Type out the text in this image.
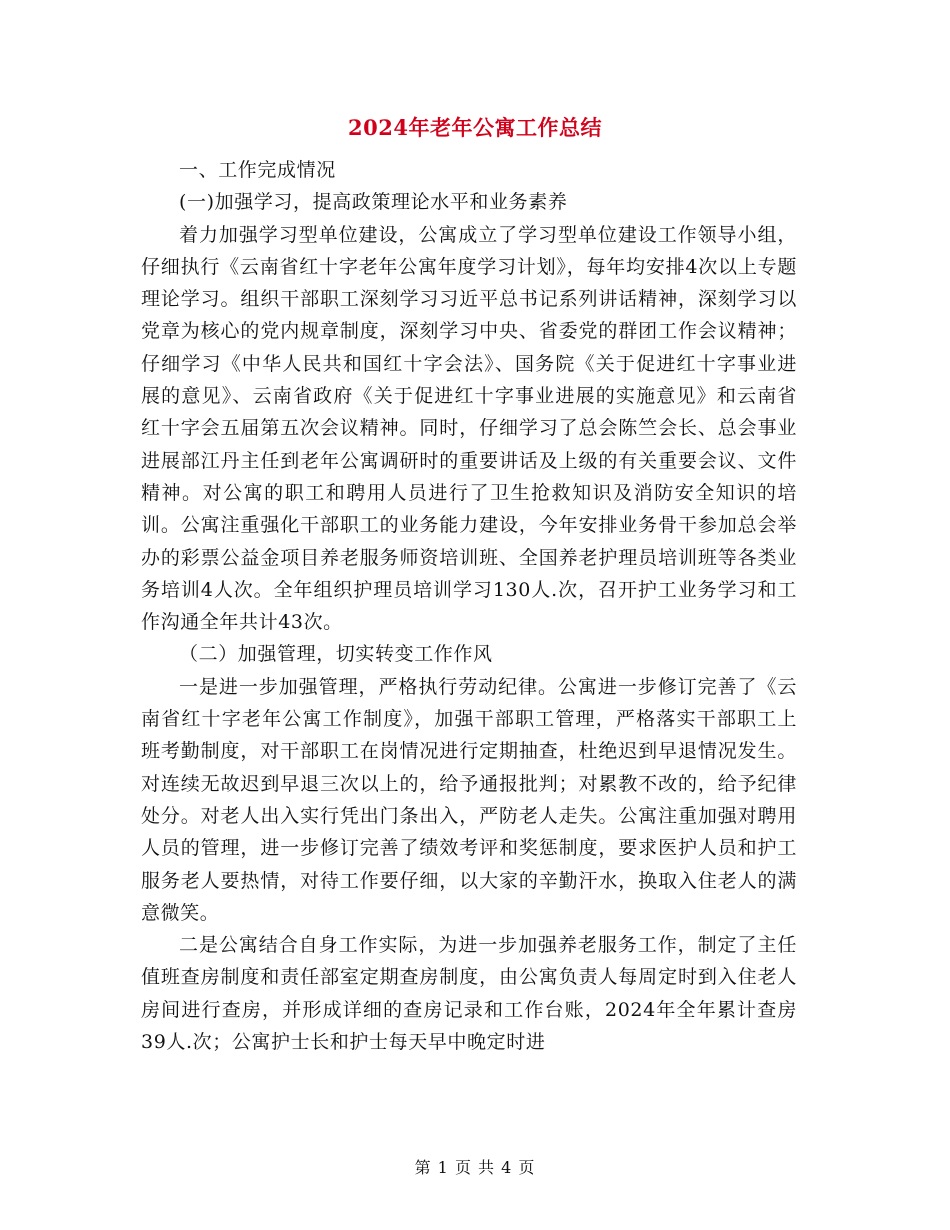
2024年老年公寓工作总结

一、工作完成情况

(一)加强学习，提高政策理论水平和业务素养

着力加强学习型单位建设，公寓成立了学习型单位建设工作领导小组，仔细执行《云南省红十字老年公寓年度学习计划》，每年均安排4次以上专题理论学习。组织干部职工深刻学习习近平总书记系列讲话精神，深刻学习以党章为核心的党内规章制度，深刻学习中央、省委党的群团工作会议精神；仔细学习《中华人民共和国红十字会法》、国务院《关于促进红十字事业进展的意见》、云南省政府《关于促进红十字事业进展的实施意见》和云南省红十字会五届第五次会议精神。同时，仔细学习了总会陈竺会长、总会事业进展部江丹主任到老年公寓调研时的重要讲话及上级的有关重要会议、文件精神。对公寓的职工和聘用人员进行了卫生抢救知识及消防安全知识的培训。公寓注重强化干部职工的业务能力建设，今年安排业务骨干参加总会举办的彩票公益金项目养老服务师资培训班、全国养老护理员培训班等各类业务培训4人次。全年组织护理员培训学习130人.次，召开护工业务学习和工作沟通全年共计43次。

（二）加强管理，切实转变工作作风

一是进一步加强管理，严格执行劳动纪律。公寓进一步修订完善了《云南省红十字老年公寓工作制度》，加强干部职工管理，严格落实干部职工上班考勤制度，对干部职工在岗情况进行定期抽查，杜绝迟到早退情况发生。对连续无故迟到早退三次以上的，给予通报批判；对累教不改的，给予纪律处分。对老人出入实行凭出门条出入，严防老人走失。公寓注重加强对聘用人员的管理，进一步修订完善了绩效考评和奖惩制度，要求医护人员和护工服务老人要热情，对待工作要仔细，以大家的辛勤汗水，换取入住老人的满意微笑。

二是公寓结合自身工作实际，为进一步加强养老服务工作，制定了主任值班查房制度和责任部室定期查房制度，由公寓负责人每周定时到入住老人房间进行查房，并形成详细的查房记录和工作台账，2024年全年累计查房39人.次；公寓护士长和护士每天早中晚定时进

第 1 页 共 4 页
